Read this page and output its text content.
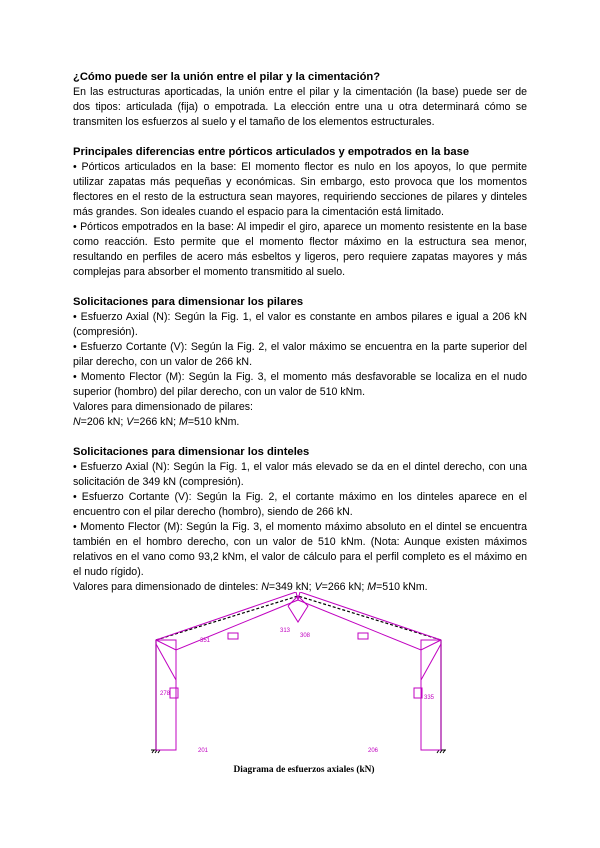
¿Cómo puede ser la unión entre el pilar y la cimentación?

En las estructuras aporticadas, la unión entre el pilar y la cimentación (la base) puede ser de dos tipos: articulada (fija) o empotrada. La elección entre una u otra determinará cómo se transmiten los esfuerzos al suelo y el tamaño de los elementos estructurales.

Principales diferencias entre pórticos articulados y empotrados en la base

• Pórticos articulados en la base: El momento flector es nulo en los apoyos, lo que permite utilizar zapatas más pequeñas y económicas. Sin embargo, esto provoca que los momentos flectores en el resto de la estructura sean mayores, requiriendo secciones de pilares y dinteles más grandes. Son ideales cuando el espacio para la cimentación está limitado.

• Pórticos empotrados en la base: Al impedir el giro, aparece un momento resistente en la base como reacción. Esto permite que el momento flector máximo en la estructura sea menor, resultando en perfiles de acero más esbeltos y ligeros, pero requiere zapatas mayores y más complejas para absorber el momento transmitido al suelo.

Solicitaciones para dimensionar los pilares

• Esfuerzo Axial (N): Según la Fig. 1, el valor es constante en ambos pilares e igual a 206 kN (compresión).

• Esfuerzo Cortante (V): Según la Fig. 2, el valor máximo se encuentra en la parte superior del pilar derecho, con un valor de 266 kN.

• Momento Flector (M): Según la Fig. 3, el momento más desfavorable se localiza en el nudo superior (hombro) del pilar derecho, con un valor de 510 kNm.

Valores para dimensionado de pilares:

N=206 kN; V=266 kN; M=510 kNm.

Solicitaciones para dimensionar los dinteles

• Esfuerzo Axial (N): Según la Fig. 1, el valor más elevado se da en el dintel derecho, con una solicitación de 349 kN (compresión).

• Esfuerzo Cortante (V): Según la Fig. 2, el cortante máximo en los dinteles aparece en el encuentro con el pilar derecho (hombro), siendo de 266 kN.

• Momento Flector (M): Según la Fig. 3, el momento máximo absoluto en el dintel se encuentra también en el hombro derecho, con un valor de 510 kNm. (Nota: Aunque existen máximos relativos en el vano como 93,2 kNm, el valor de cálculo para el perfil completo es el máximo en el nudo rígido).

Valores para dimensionado de dinteles: N=349 kN; V=266 kN; M=510 kNm.

351
313
308
278
335
201	206
Diagrama de esfuerzos axiales (kN)
